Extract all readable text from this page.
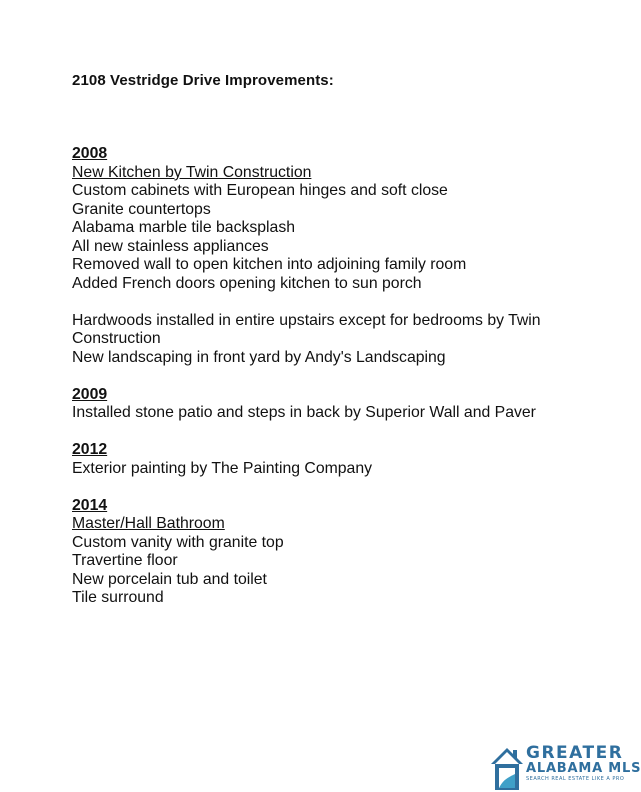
2108 Vestridge Drive Improvements:
2008
New Kitchen by Twin Construction
Custom cabinets with European hinges and soft close
Granite countertops
Alabama marble tile backsplash
All new stainless appliances
Removed wall to open kitchen into adjoining family room
Added French doors opening kitchen to sun porch
Hardwoods installed in entire upstairs except for bedrooms by Twin Construction
New landscaping in front yard by Andy's Landscaping
2009
Installed stone patio and steps in back by Superior Wall and Paver
2012
Exterior painting by The Painting Company
2014
Master/Hall Bathroom
Custom vanity with granite top
Travertine floor
New porcelain tub and toilet
Tile surround
GREATER
ALABAMA MLS
SEARCH REAL ESTATE LIKE A PRO
